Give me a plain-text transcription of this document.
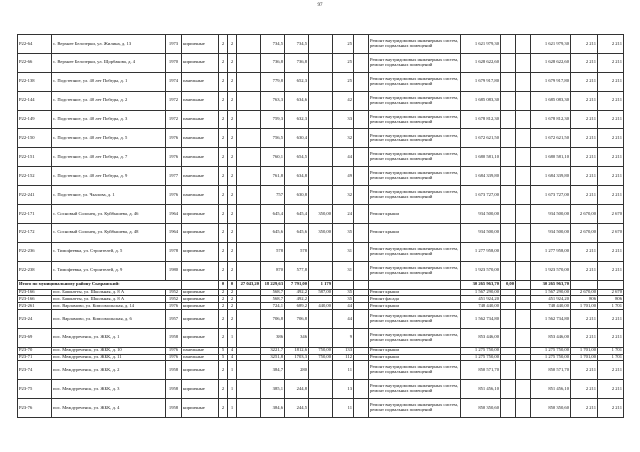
97
P22-64	с. Верхнее Белозерки, ул. Жилина, д. 13	1973	кирпичные	2	2		734,5	734,5		25		Ремонт внутридомовых инженерных систем, ремонт подвальных помещений	1 621 979,30			1 621 979,30	2 211	2 211
P22-66	с. Верхнее Белозерки, ул. Щорбакова, д. 4	1970	кирпичные	2	2		736,8	736,8		25		Ремонт внутридомовых инженерных систем, ремонт подвальных помещений	1 628 622,60			1 628 622,60	2 211	2 211
P22-138	с. Подстепное, ул. 40 лет Победы, д. 1	1974	панельные	2	2		779,8	652,3		25		Ремонт внутридомовых инженерных систем, ремонт подвальных помещений	1 679 917,80			1 679 917,80	2 211	2 211
P22-144	с. Подстепное, ул. 40 лет Победы, д. 2	1972	панельные	2	2		763,3	634,6		42		Ремонт внутридомовых инженерных систем, ремонт подвальных помещений	1 685 083,30			1 685 083,30	2 211	2 211
P22-149	с. Подстепное, ул. 40 лет Победы, д. 3	1972	панельные	2	2		759,3	632,3		33		Ремонт внутридомовых инженерных систем, ремонт подвальных помещений	1 678 812,30			1 678 812,30	2 211	2 211
P22-150	с. Подстепное, ул. 40 лет Победы, д. 5	1976	панельные	2	2		756,5	630,4		32		Ремонт внутридомовых инженерных систем, ремонт подвальных помещений	1 672 621,50			1 672 621,50	2 211	2 211
P22-151	с. Подстепное, ул. 40 лет Победы, д. 7	1976	панельные	2	2		760,1	654,5		44		Ремонт внутридомовых инженерных систем, ремонт подвальных помещений	1 680 581,10			1 680 581,10	2 211	2 211
P22-152	с. Подстепное, ул. 40 лет Победы, д. 9	1977	панельные	2	2		761,8	634,8		49		Ремонт внутридомовых инженерных систем, ремонт подвальных помещений	1 684 339,80			1 684 339,80	2 211	2 211
P22-241	с. Подстепное, ул. Чкалова, д. 1	1976	панельные	2	2		757	630,8		32		Ремонт внутридомовых инженерных систем, ремонт подвальных помещений	1 673 727,00			1 673 727,00	2 211	2 211
P22-171	с. Сосновый Солонец, ул. Куйбышева, д. 46	1964	кирпичные	2	2		645,4	645,4	350,00	24		Ремонт крыши	934 500,00			934 500,00	2 670,00	2 670
P22-172	с. Сосновый Солонец, ул. Куйбышева, д. 48	1964	кирпичные	2	2		645,6	645,6	350,00	35		Ремонт крыши	934 500,00			934 500,00	2 670,00	2 670
P22-236	с. Тимофеевка, ул. Строителей, д. 5	1978	кирпичные	2	2		578	578		31		Ремонт внутридомовых инженерных систем, ремонт подвальных помещений	1 277 958,00			1 277 958,00	2 211	2 211
P22-238	с. Тимофеевка, ул. Строителей, д. 9	1980	кирпичные	2	2		870	577,8		31		Ремонт внутридомовых инженерных систем, ремонт подвальных помещений	1 923 570,00			1 923 570,00	2 211	2 211
Итого по муниципальному району Сызранский:				0	0	27 043,20	18 229,63	7 791,00	1 179				30 265 963,70	0,00		30 265 963,70		
P23-166	пос. Башкатты, ул. Школьная, д. 8 А	1952	кирпичные	2	2		568,7	492,2	587,00	35		Ремонт крыши	1 567 290,00			1 567 290,00	2 670,00	2 670
P23-166	пос. Башкатты, ул. Школьная, д. 8 А	1952	кирпичные	2	2		568,7	492,2		35		Ремонт фасада	451 924,20			451 924,20	806	806
P23-261	пос. Варламово, ул. Комсомольская, д. 14	1976	кирпичные	2	2		724,1	689,2	440,00	44		Ремонт крыши	748 440,00			748 440,00	1 701,00	1 701
P23-24	пос. Варламово, ул. Комсомольская, д. 6	1957	кирпичные	2	2		706,8	706,8		44		Ремонт внутридомовых инженерных систем, ремонт подвальных помещений	1 562 734,80			1 562 734,80	2 211	2 211
P23-69	пос. Междуреченск, ул. ЖБК, д. 1	1958	кирпичные	2	1		386	346		9		Ремонт внутридомовых инженерных систем, ремонт подвальных помещений	853 446,00			853 446,00	2 211	2 211
P23-70	пос. Междуреченск, ул. ЖБК, д. 10	1976	панельные	5	4		3221,7	1812,6	750,00	133		Ремонт крыши	1 275 750,00			1 275 750,00	1 701,00	1 701
P23-71	пос. Междуреченск, ул. ЖБК, д. 11	1976	панельные	5	4		3251,8	1703,3	750,00	112		Ремонт крыши	1 275 750,00			1 275 750,00	1 701,00	1 701
P23-74	пос. Междуреченск, ул. ЖБК, д. 2	1958	кирпичные	2	1		384,7	280		11		Ремонт внутридомовых инженерных систем, ремонт подвальных помещений	850 571,70			850 571,70	2 211	2 211
P23-75	пос. Междуреченск, ул. ЖБК, д. 3	1958	кирпичные	2	1		385,1	244,8		13		Ремонт внутридомовых инженерных систем, ремонт подвальных помещений	851 456,10			851 456,10	2 211	2 211
P23-76	пос. Междуреченск, ул. ЖБК, д. 4	1958	кирпичные	2	1		384,6	244,5		11		Ремонт внутридомовых инженерных систем, ремонт подвальных помещений	850 350,60			850 350,60	2 211	2 211
